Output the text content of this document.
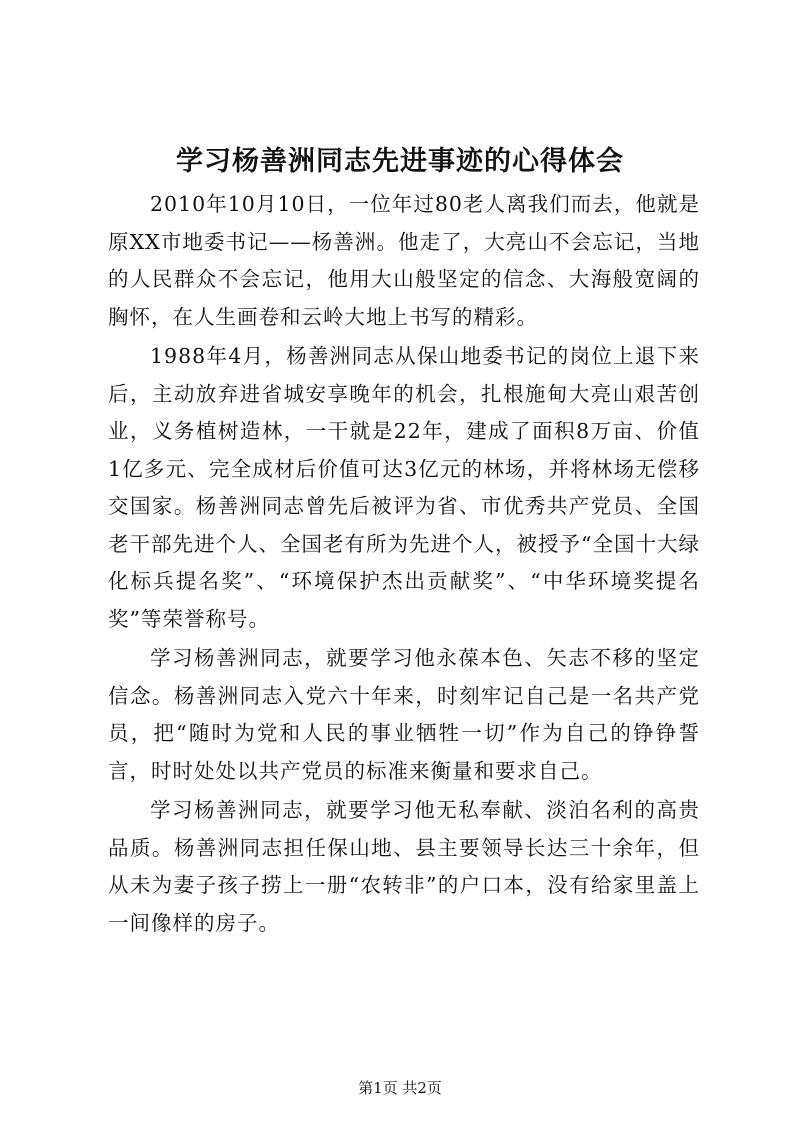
学习杨善洲同志先进事迹的心得体会

2010年10月10日，一位年过80老人离我们而去，他就是原XX市地委书记——杨善洲。他走了，大亮山不会忘记，当地的人民群众不会忘记，他用大山般坚定的信念、大海般宽阔的胸怀，在人生画卷和云岭大地上书写的精彩。

1988年4月，杨善洲同志从保山地委书记的岗位上退下来后，主动放弃进省城安享晚年的机会，扎根施甸大亮山艰苦创业，义务植树造林，一干就是22年，建成了面积8万亩、价值1亿多元、完全成材后价值可达3亿元的林场，并将林场无偿移交国家。杨善洲同志曾先后被评为省、市优秀共产党员、全国老干部先进个人、全国老有所为先进个人，被授予“全国十大绿化标兵提名奖”、“环境保护杰出贡献奖”、“中华环境奖提名奖”等荣誉称号。

学习杨善洲同志，就要学习他永葆本色、矢志不移的坚定信念。杨善洲同志入党六十年来，时刻牢记自己是一名共产党员，把“随时为党和人民的事业牺牲一切”作为自己的铮铮誓言，时时处处以共产党员的标准来衡量和要求自己。

学习杨善洲同志，就要学习他无私奉献、淡泊名利的高贵品质。杨善洲同志担任保山地、县主要领导长达三十余年，但从未为妻子孩子捞上一册“农转非”的户口本，没有给家里盖上一间像样的房子。

第1页 共2页
